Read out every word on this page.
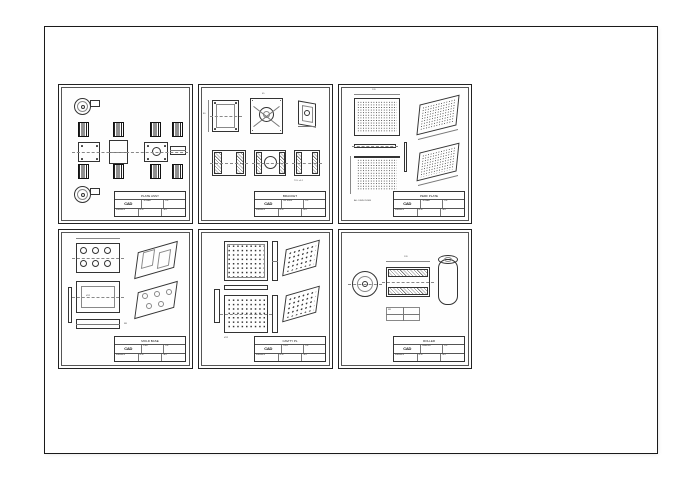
PLATE ASSY
CAD
STEEL	1:2
DRAWN	A.K.	1/6
80
45
TOL ±0.1
BRACKET
CAD
AL 6061	1:1
DRAWN	A.K.	2/6
120
ALL DIMS IN MM
PERF PLATE
CAD
STEEL	1:2
DRAWN	A.K.	3/6
Ø12
R8
MOLD BASE
CAD
P20	1:2
DRAWN	A.K.	4/6
Ø12
CAVITY PL
CAD
H13	1:2
DRAWN	A.K.	5/6
120
R8
ROLLER
CAD
BRASS	1:1
DRAWN	A.K.	6/6
